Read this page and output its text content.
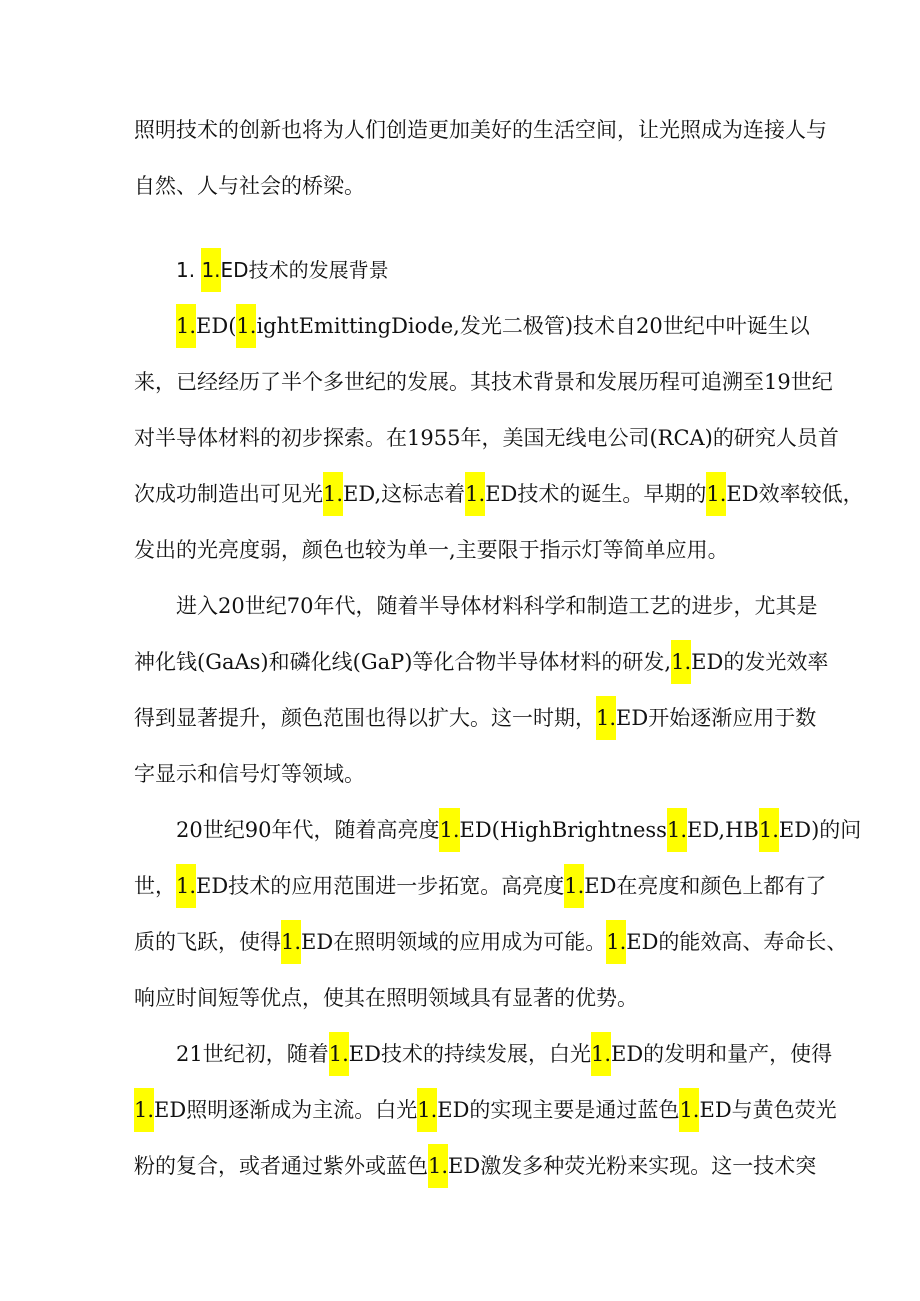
照明技术的创新也将为人们创造更加美好的生活空间，让光照成为连接人与
自然、人与社会的桥梁。
1. 1.ED技术的发展背景
1.ED(1.ightEmittingDiode,发光二极管)技术自20世纪中叶诞生以
来，已经经历了半个多世纪的发展。其技术背景和发展历程可追溯至19世纪
对半导体材料的初步探索。在1955年，美国无线电公司(RCA)的研究人员首
次成功制造出可见光1.ED,这标志着1.ED技术的诞生。早期的1.ED效率较低，
发出的光亮度弱，颜色也较为单一,主要限于指示灯等简单应用。
进入20世纪70年代，随着半导体材料科学和制造工艺的进步，尤其是
神化钱(GaAs)和磷化线(GaP)等化合物半导体材料的研发,1.ED的发光效率
得到显著提升，颜色范围也得以扩大。这一时期，1.ED开始逐渐应用于数
字显示和信号灯等领域。
20世纪90年代，随着高亮度1.ED(HighBrightness1.ED,HB1.ED)的问
世，1.ED技术的应用范围进一步拓宽。高亮度1.ED在亮度和颜色上都有了
质的飞跃，使得1.ED在照明领域的应用成为可能。1.ED的能效高、寿命长、
响应时间短等优点，使其在照明领域具有显著的优势。
21世纪初，随着1.ED技术的持续发展，白光1.ED的发明和量产，使得
1.ED照明逐渐成为主流。白光1.ED的实现主要是通过蓝色1.ED与黄色荧光
粉的复合，或者通过紫外或蓝色1.ED激发多种荧光粉来实现。这一技术突
